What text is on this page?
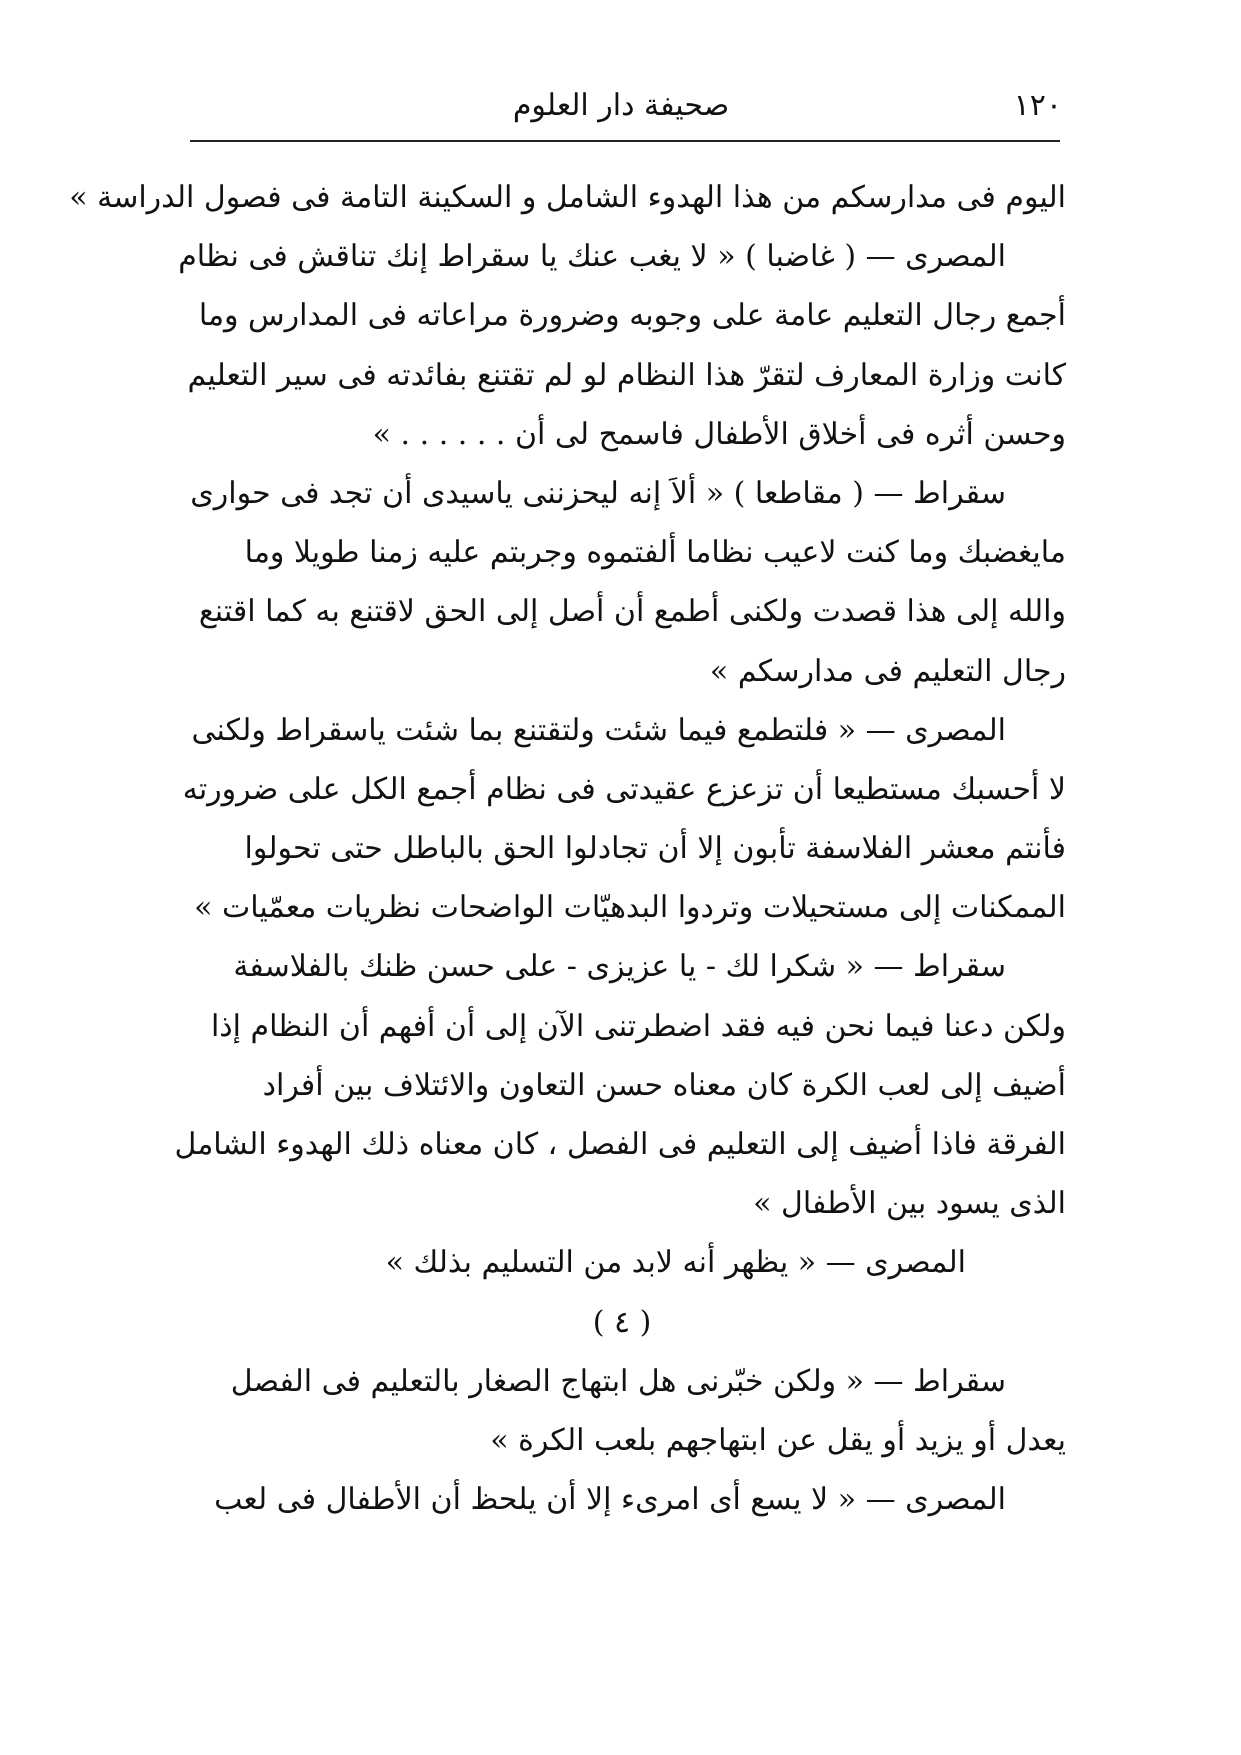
١٢٠
صحيفة دار العلوم
اليوم فى مدارسكم من هذا الهدوء الشامل و السكينة التامة فى فصول الدراسة »
المصرى — ( غاضبا ) « لا يغب عنك يا سقراط إنك تناقش فى نظام
أجمع رجال التعليم عامة على وجوبه وضرورة مراعاته فى المدارس وما
كانت وزارة المعارف لتقرّ هذا النظام لو لم تقتنع بفائدته فى سير التعليم
وحسن أثره فى أخلاق الأطفال فاسمح لى أن . . . . . . »
سقراط — ( مقاطعا ) « ألاَ إنه ليحزننى ياسيدى أن تجد فى حوارى
مايغضبك وما كنت لاعيب نظاما ألفتموه وجربتم عليه زمنا طويلا وما
والله إلى هذا قصدت ولكنى أطمع أن أصل إلى الحق لاقتنع به كما اقتنع
رجال التعليم فى مدارسكم »
المصرى — « فلتطمع فيما شئت ولتقتنع بما شئت ياسقراط ولكنى
لا أحسبك مستطيعا أن تزعزع عقيدتى فى نظام أجمع الكل على ضرورته
فأنتم معشر الفلاسفة تأبون إلا أن تجادلوا الحق بالباطل حتى تحولوا
الممكنات إلى مستحيلات وتردوا البدهيّات الواضحات نظريات معمّيات »
سقراط — « شكرا لك - يا عزيزى - على حسن ظنك بالفلاسفة
ولكن دعنا فيما نحن فيه فقد اضطرتنى الآن إلى أن أفهم أن النظام إذا
أضيف إلى لعب الكرة كان معناه حسن التعاون والائتلاف بين أفراد
الفرقة فاذا أضيف إلى التعليم فى الفصل ، كان معناه ذلك الهدوء الشامل
الذى يسود بين الأطفال »
المصرى — « يظهر أنه لابد من التسليم بذلك »
( ٤ )
سقراط — « ولكن خبّرنى هل ابتهاج الصغار بالتعليم فى الفصل
يعدل أو يزيد أو يقل عن ابتهاجهم بلعب الكرة »
المصرى — « لا يسع أى امرىء إلا أن يلحظ أن الأطفال فى لعب
